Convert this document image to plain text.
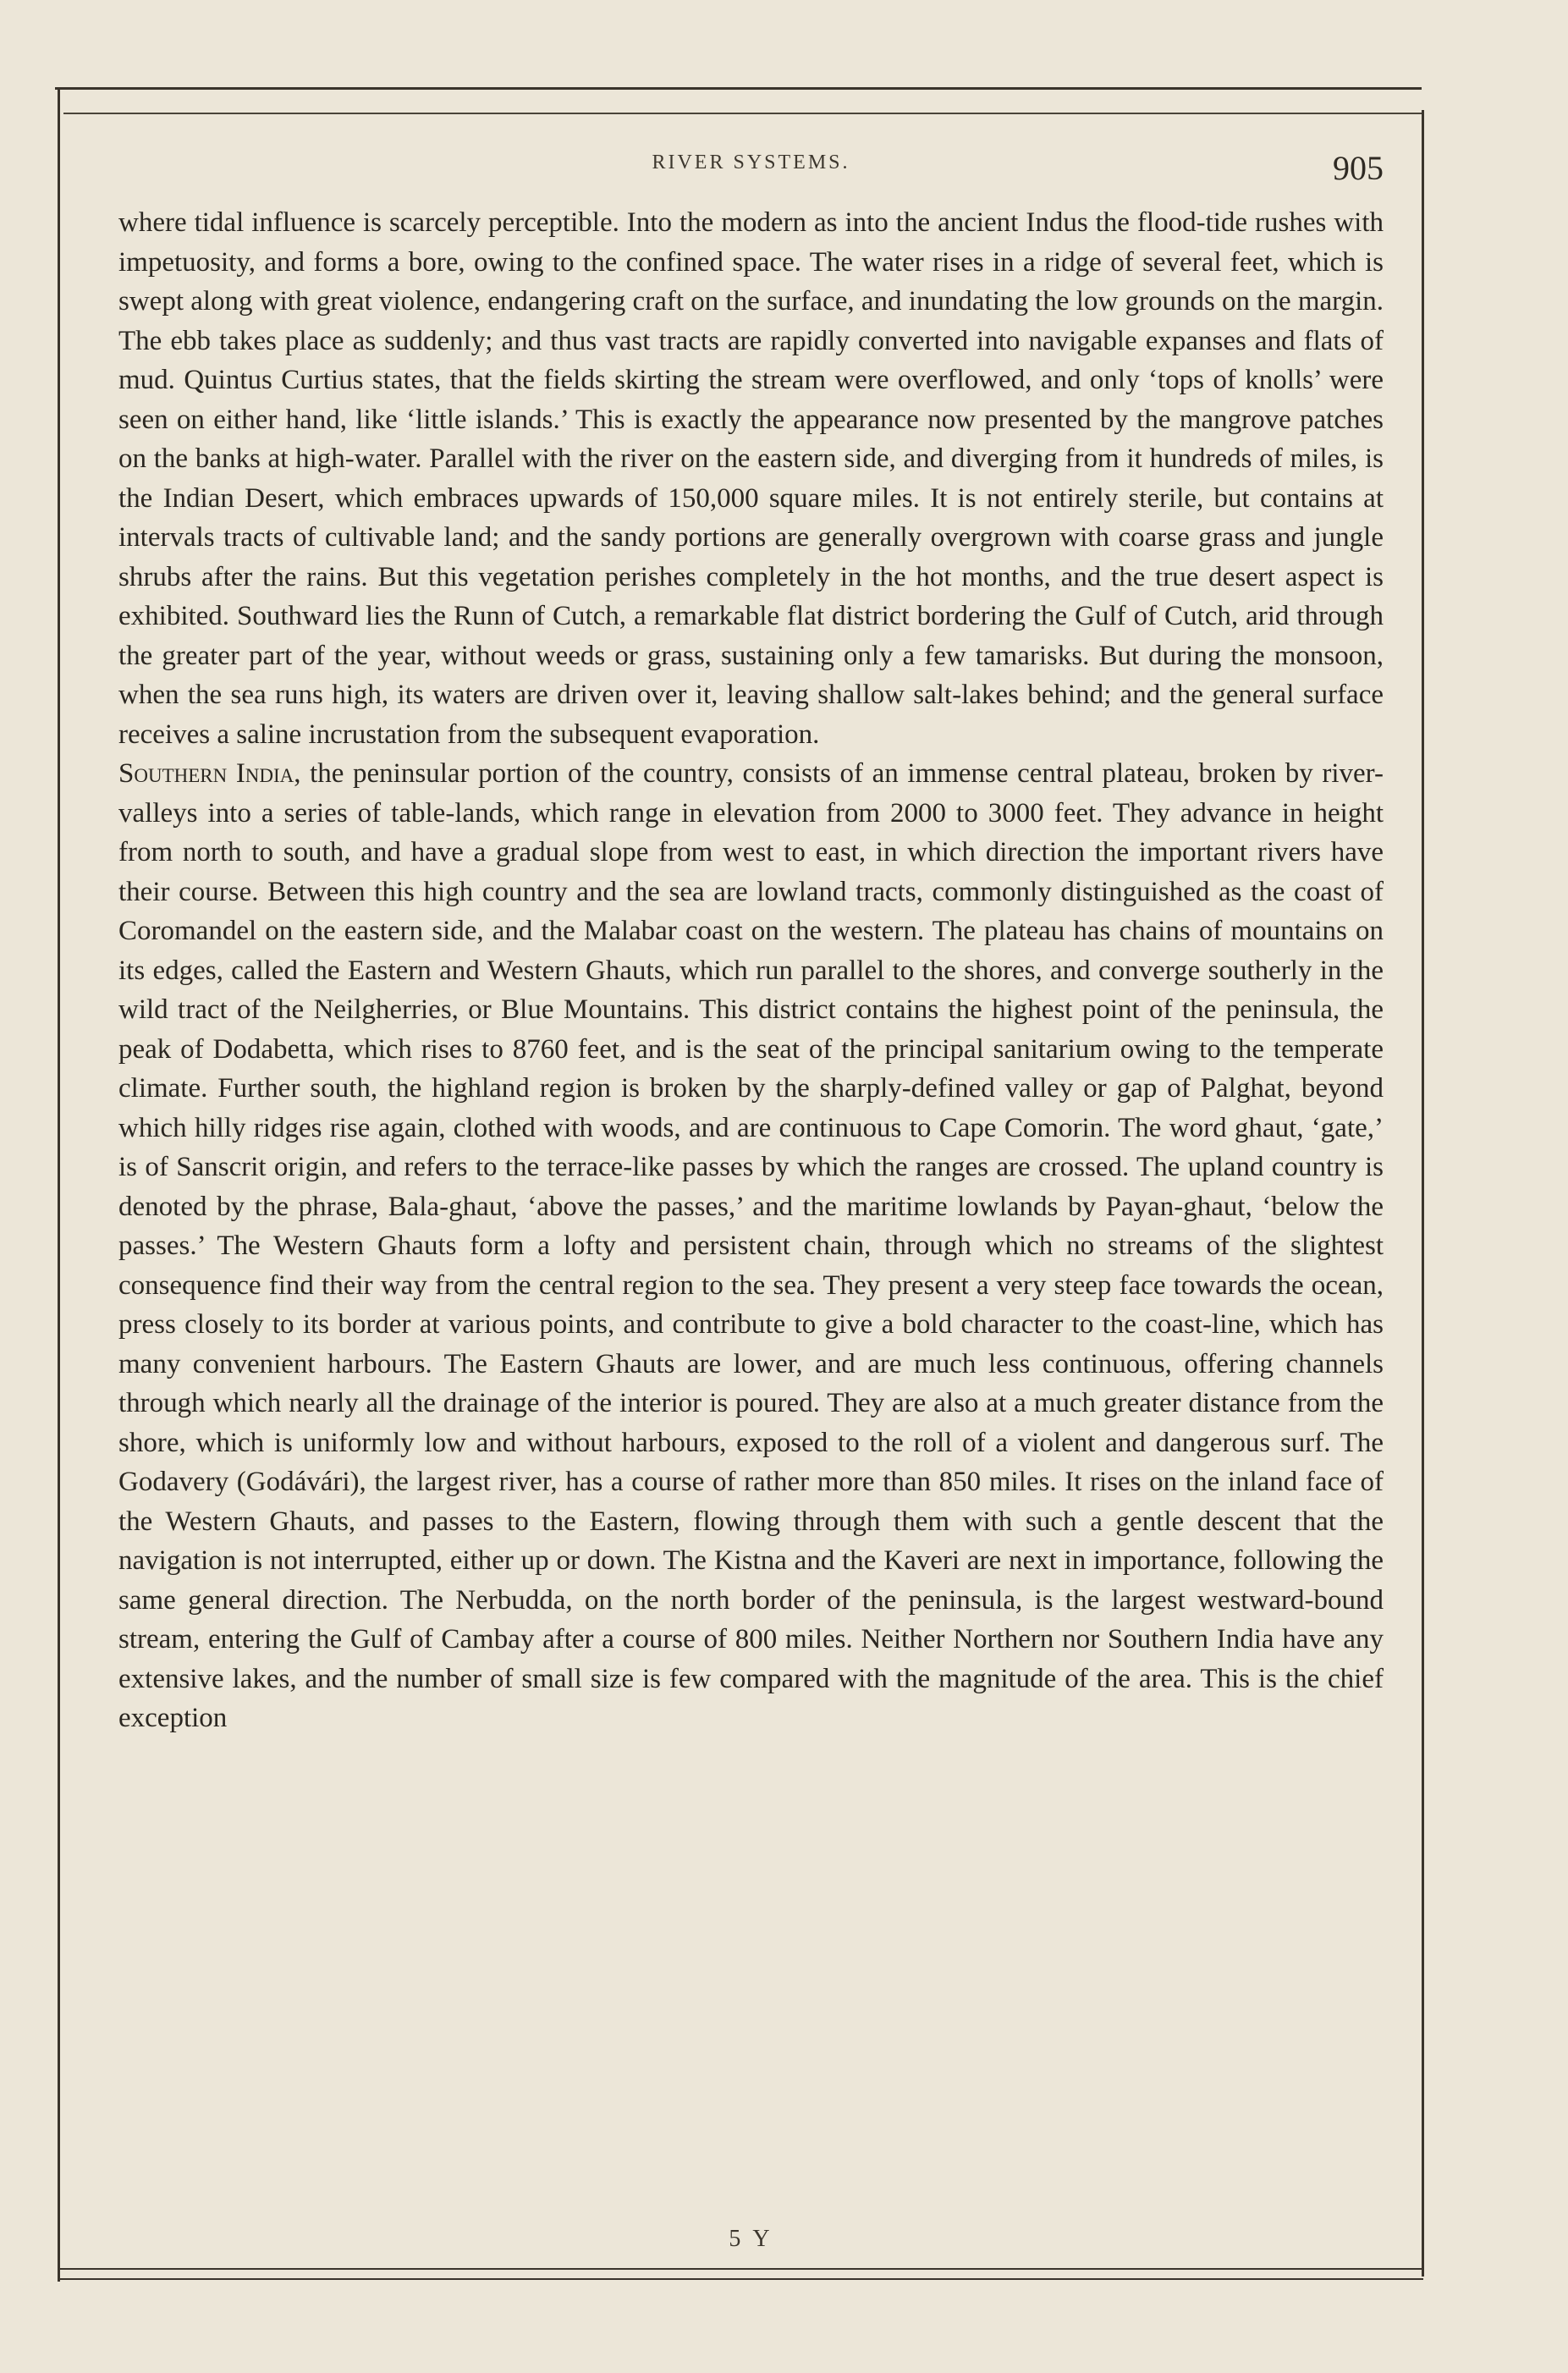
RIVER SYSTEMS.	905

where tidal influence is scarcely perceptible. Into the modern as into the ancient Indus the flood-tide rushes with impetuosity, and forms a bore, owing to the confined space. The water rises in a ridge of several feet, which is swept along with great violence, endangering craft on the surface, and inundating the low grounds on the margin. The ebb takes place as suddenly; and thus vast tracts are rapidly converted into navigable expanses and flats of mud. Quintus Curtius states, that the fields skirting the stream were overflowed, and only ‘tops of knolls’ were seen on either hand, like ‘little islands.’ This is exactly the appearance now presented by the mangrove patches on the banks at high-water. Parallel with the river on the eastern side, and diverging from it hundreds of miles, is the Indian Desert, which embraces upwards of 150,000 square miles. It is not entirely sterile, but contains at intervals tracts of cultivable land; and the sandy portions are generally overgrown with coarse grass and jungle shrubs after the rains. But this vegetation perishes completely in the hot months, and the true desert aspect is exhibited. Southward lies the Runn of Cutch, a remarkable flat district bordering the Gulf of Cutch, arid through the greater part of the year, without weeds or grass, sustaining only a few tamarisks. But during the monsoon, when the sea runs high, its waters are driven over it, leaving shallow salt-lakes behind; and the general surface receives a saline incrustation from the subsequent evaporation.

Southern India, the peninsular portion of the country, consists of an immense central plateau, broken by river-valleys into a series of table-lands, which range in elevation from 2000 to 3000 feet. They advance in height from north to south, and have a gradual slope from west to east, in which direction the important rivers have their course. Between this high country and the sea are lowland tracts, commonly distinguished as the coast of Coromandel on the eastern side, and the Malabar coast on the western. The plateau has chains of mountains on its edges, called the Eastern and Western Ghauts, which run parallel to the shores, and converge southerly in the wild tract of the Neilgherries, or Blue Mountains. This district contains the highest point of the peninsula, the peak of Dodabetta, which rises to 8760 feet, and is the seat of the principal sanitarium owing to the temperate climate. Further south, the highland region is broken by the sharply-defined valley or gap of Palghat, beyond which hilly ridges rise again, clothed with woods, and are continuous to Cape Comorin. The word ghaut, ‘gate,’ is of Sanscrit origin, and refers to the terrace-like passes by which the ranges are crossed. The upland country is denoted by the phrase, Bala-ghaut, ‘above the passes,’ and the maritime lowlands by Payan-ghaut, ‘below the passes.’ The Western Ghauts form a lofty and persistent chain, through which no streams of the slightest consequence find their way from the central region to the sea. They present a very steep face towards the ocean, press closely to its border at various points, and contribute to give a bold character to the coast-line, which has many convenient harbours. The Eastern Ghauts are lower, and are much less continuous, offering channels through which nearly all the drainage of the interior is poured. They are also at a much greater distance from the shore, which is uniformly low and without harbours, exposed to the roll of a violent and dangerous surf. The Godavery (Godávári), the largest river, has a course of rather more than 850 miles. It rises on the inland face of the Western Ghauts, and passes to the Eastern, flowing through them with such a gentle descent that the navigation is not interrupted, either up or down. The Kistna and the Kaveri are next in importance, following the same general direction. The Nerbudda, on the north border of the peninsula, is the largest westward-bound stream, entering the Gulf of Cambay after a course of 800 miles. Neither Northern nor Southern India have any extensive lakes, and the number of small size is few compared with the magnitude of the area. This is the chief exception

5 Y
